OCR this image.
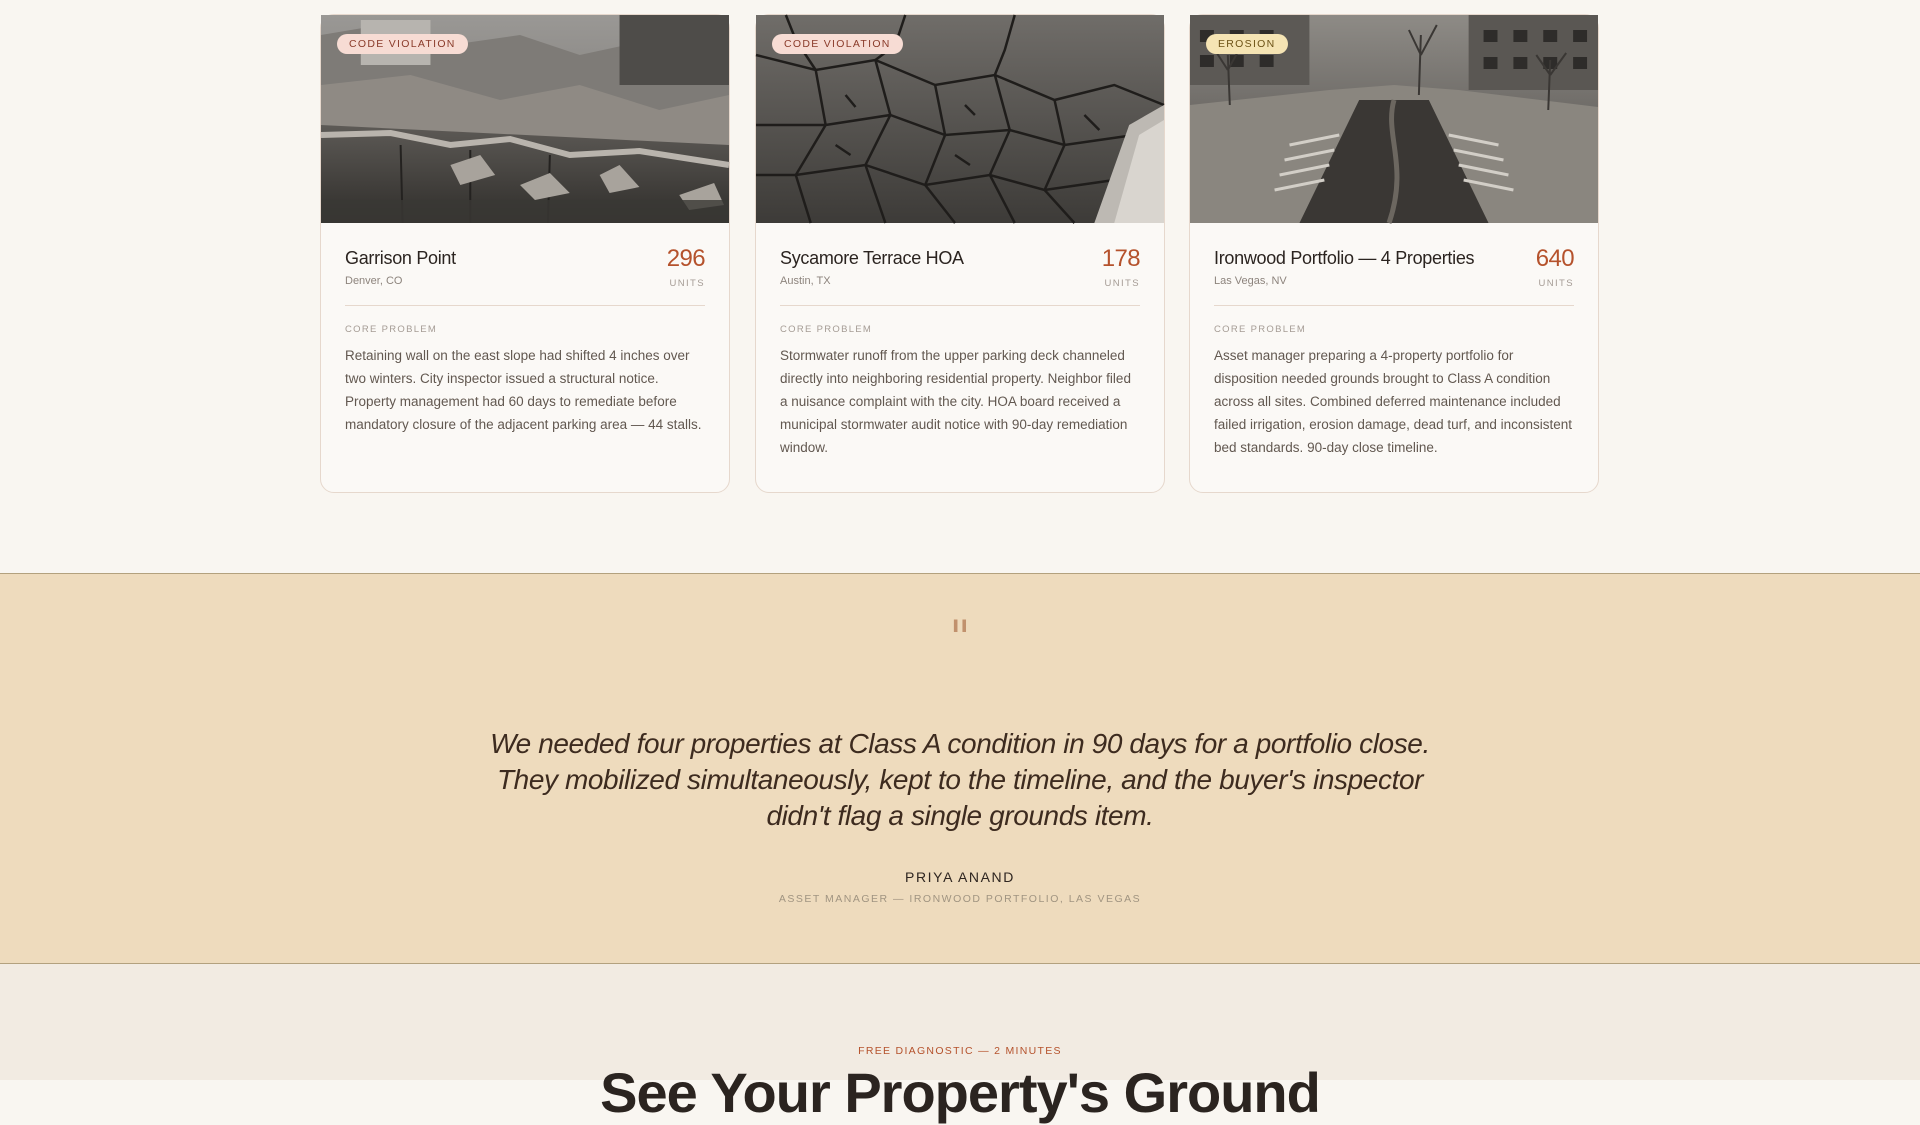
CODE VIOLATION
Garrison Point
Denver, CO
296
UNITS
CORE PROBLEM

Retaining wall on the east slope had shifted 4 inches over two winters. City inspector issued a structural notice. Property management had 60 days to remediate before mandatory closure of the adjacent parking area — 44 stalls.

CODE VIOLATION
Sycamore Terrace HOA
Austin, TX
178
UNITS
CORE PROBLEM

Stormwater runoff from the upper parking deck channeled directly into neighboring residential property. Neighbor filed a nuisance complaint with the city. HOA board received a municipal stormwater audit notice with 90-day remediation window.

EROSION
Ironwood Portfolio — 4 Properties
Las Vegas, NV
640
UNITS
CORE PROBLEM

Asset manager preparing a 4-property portfolio for disposition needed grounds brought to Class A condition across all sites. Combined deferred maintenance included failed irrigation, erosion damage, dead turf, and inconsistent bed standards. 90-day close timeline.

"
We needed four properties at Class A condition in 90 days for a portfolio close. They mobilized simultaneously, kept to the timeline, and the buyer's inspector didn't flag a single grounds item.
PRIYA ANAND
ASSET MANAGER — IRONWOOD PORTFOLIO, LAS VEGAS
FREE DIAGNOSTIC — 2 MINUTES
See Your Property's Ground
